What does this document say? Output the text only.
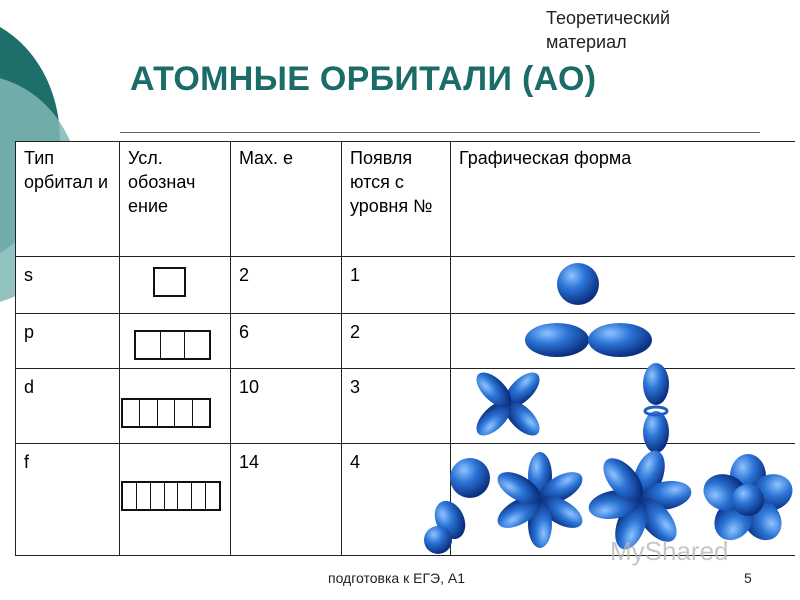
Теоретический
материал
АТОМНЫЕ ОРБИТАЛИ (АО)
Тип орбитал и	Усл. обознач ение	Max. e	Появля ются с уровня №	Графическая форма
s		2	1	
p		6	2	
d		10	3	
f		14	4	
MyShared
подготовка к ЕГЭ, А1	5
